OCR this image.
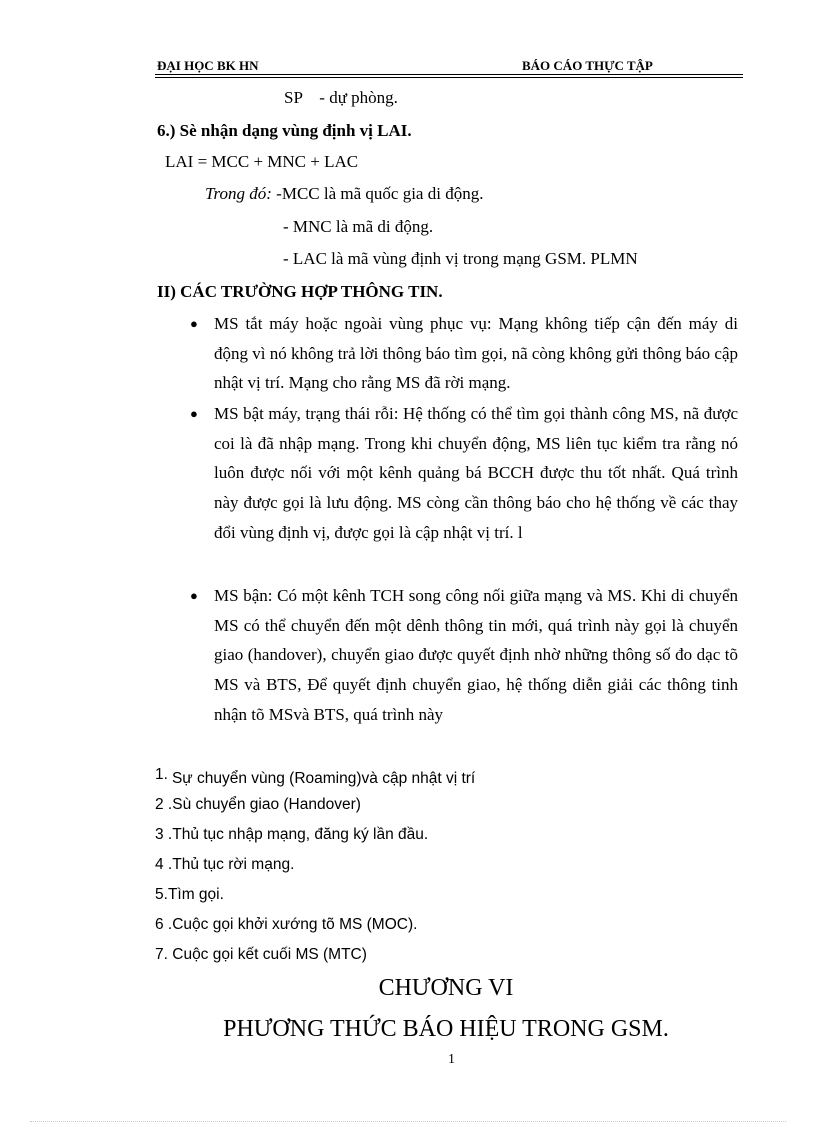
ĐẠI HỌC BK HN	BÁO CÁO THỰC TẬP
SP    - dự phòng.
6.) Sè nhận dạng vùng định vị LAI.
LAI = MCC + MNC + LAC
Trong đó: -MCC là mã quốc gia di động.
- MNC là mã di động.
- LAC là mã vùng định vị trong mạng GSM. PLMN
II) CÁC TRƯỜNG HỢP THÔNG TIN.
● MS tắt máy hoặc ngoài vùng phục vụ: Mạng không tiếp cận đến máy di động vì nó không trả lời thông báo tìm gọi, nã còng không gửi thông báo cập nhật vị trí. Mạng cho rằng MS đã rời mạng.
● MS bật máy, trạng thái rỗi: Hệ thống có thể tìm gọi thành công MS, nã được coi là đã nhập mạng. Trong khi chuyển động, MS liên tục kiểm tra rằng nó luôn được nối với một kênh quảng bá BCCH được thu tốt nhất. Quá trình này được gọi là lưu động. MS còng cần thông báo cho hệ thống về các thay đổi vùng định vị, được gọi là cập nhật vị trí. l
● MS bận: Có một kênh TCH song công nối giữa mạng và MS. Khi di chuyển MS có thể chuyển đến một dênh thông tin mới, quá trình này gọi là chuyển giao (handover), chuyển giao được quyết định nhờ những thông số đo dạc tõ MS và BTS, Để quyết định chuyển giao, hệ thống diễn giải các thông tinh nhận tõ MSvà BTS, quá trình này
1. Sự chuyển vùng (Roaming)và cập nhật vị trí
2 .Sù chuyển giao (Handover)
3 .Thủ tục nhập mạng, đăng ký lần đầu.
4 .Thủ tục rời mạng.
5.Tìm gọi.
6 .Cuộc gọi khởi xướng tõ MS (MOC).
7. Cuộc gọi kết cuối MS (MTC)
CHƯƠNG VI
PHƯƠNG THỨC BÁO HIỆU TRONG GSM.
1
